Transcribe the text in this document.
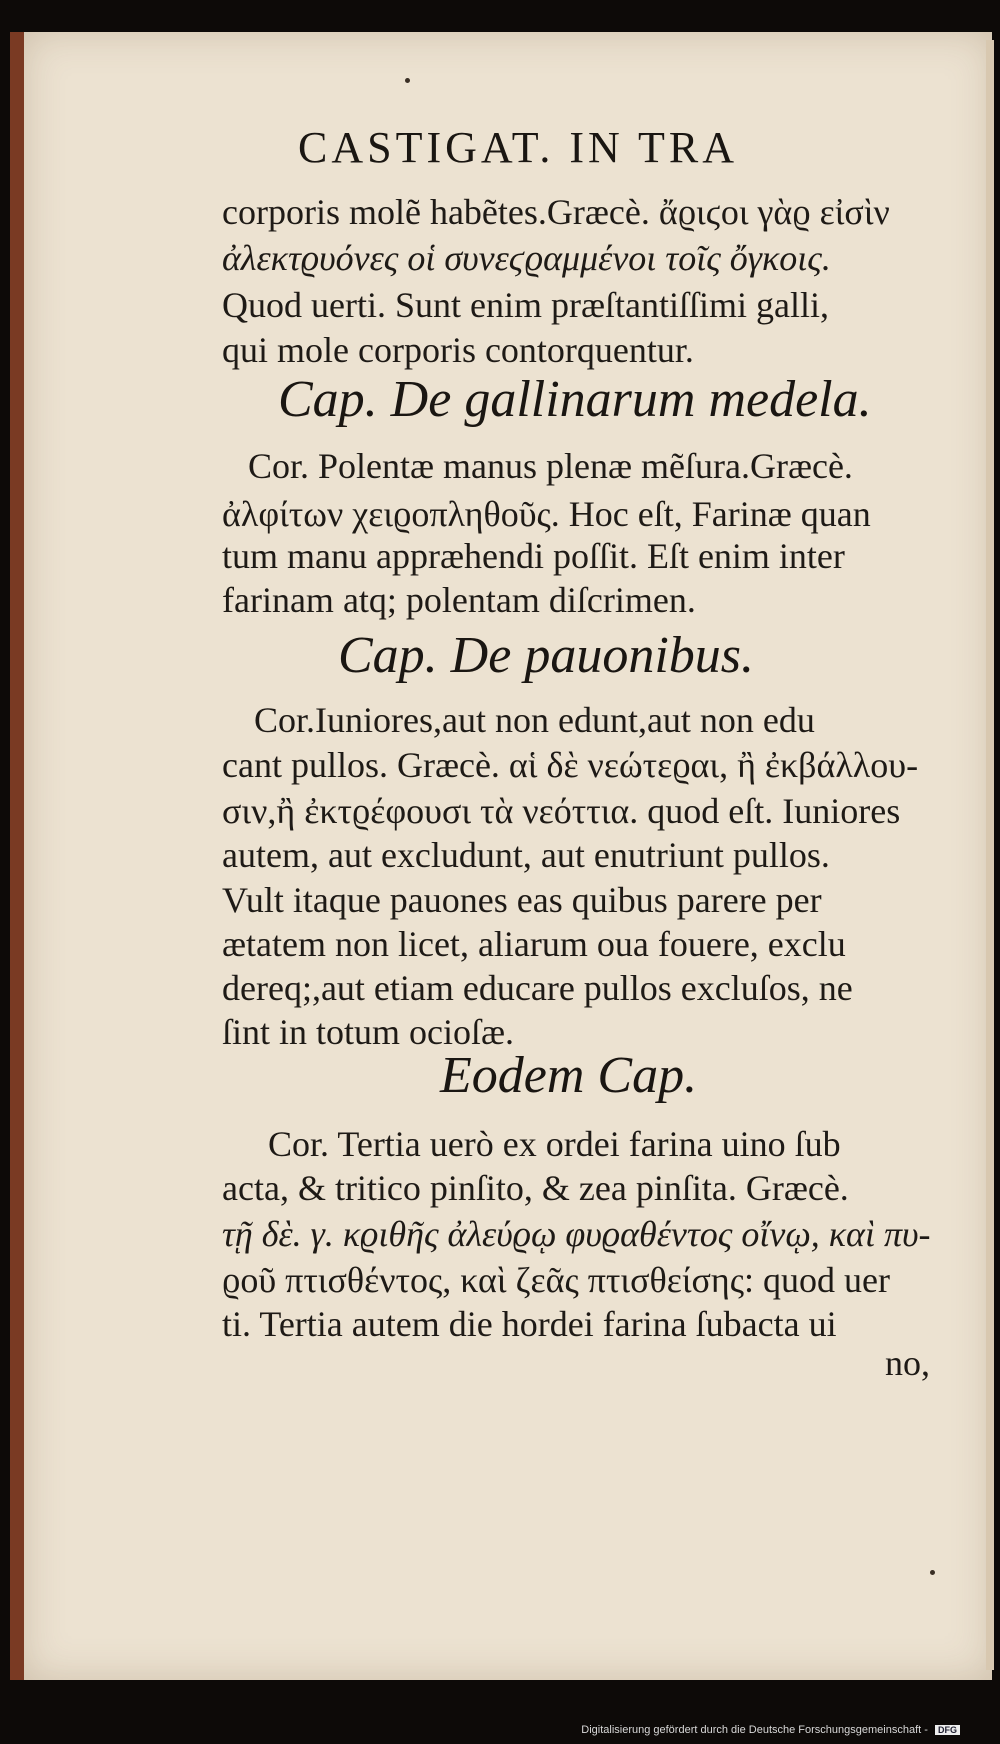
CASTIGAT. IN TRA
corporis molẽ habẽtes.Græcè. ἄϱιϛοι γὰϱ εἰσὶν
ἀλεκτϱυόνες οἱ συνεϛϱαμμένοι τοῖς ὄγκοις.
Quod uerti. Sunt enim præſtantiſſimi galli,
qui mole corporis contorquentur.
Cap. De gallinarum medela.
Cor. Polentæ manus plenæ mẽſura.Græcè.
ἀλφίτων χειϱοπληθοῦς. Hoc eſt, Farinæ quan
tum manu appræhendi poſſit. Eſt enim inter
farinam atq; polentam diſcrimen.
Cap. De pauonibus.
Cor.Iuniores,aut non edunt,aut non edu
cant pullos. Græcè. αἱ δὲ νεώτεϱαι, ἢ ἐκβάλλου-
σιν,ἢ ἐκτϱέφουσι τὰ νεόττια. quod eſt. Iuniores
autem, aut excludunt, aut enutriunt pullos.
Vult itaque pauones eas quibus parere per
ætatem non licet, aliarum oua fouere, exclu
dereq;,aut etiam educare pullos excluſos, ne
ſint in totum ocioſæ.
Eodem Cap.
Cor. Tertia uerò ex ordei farina uino ſub
acta, & tritico pinſito, & zea pinſita. Græcè.
τῇ δὲ. γ. κϱιθῆς ἀλεύϱῳ φυϱαθέντος οἴνῳ, καὶ πυ-
ϱοῦ πτισθέντος, καὶ ζεᾶς πτισθείσης: quod uer
ti. Tertia autem die hordei farina ſubacta ui
no,
Digitalisierung gefördert durch die Deutsche Forschungsgemeinschaft - DFG
